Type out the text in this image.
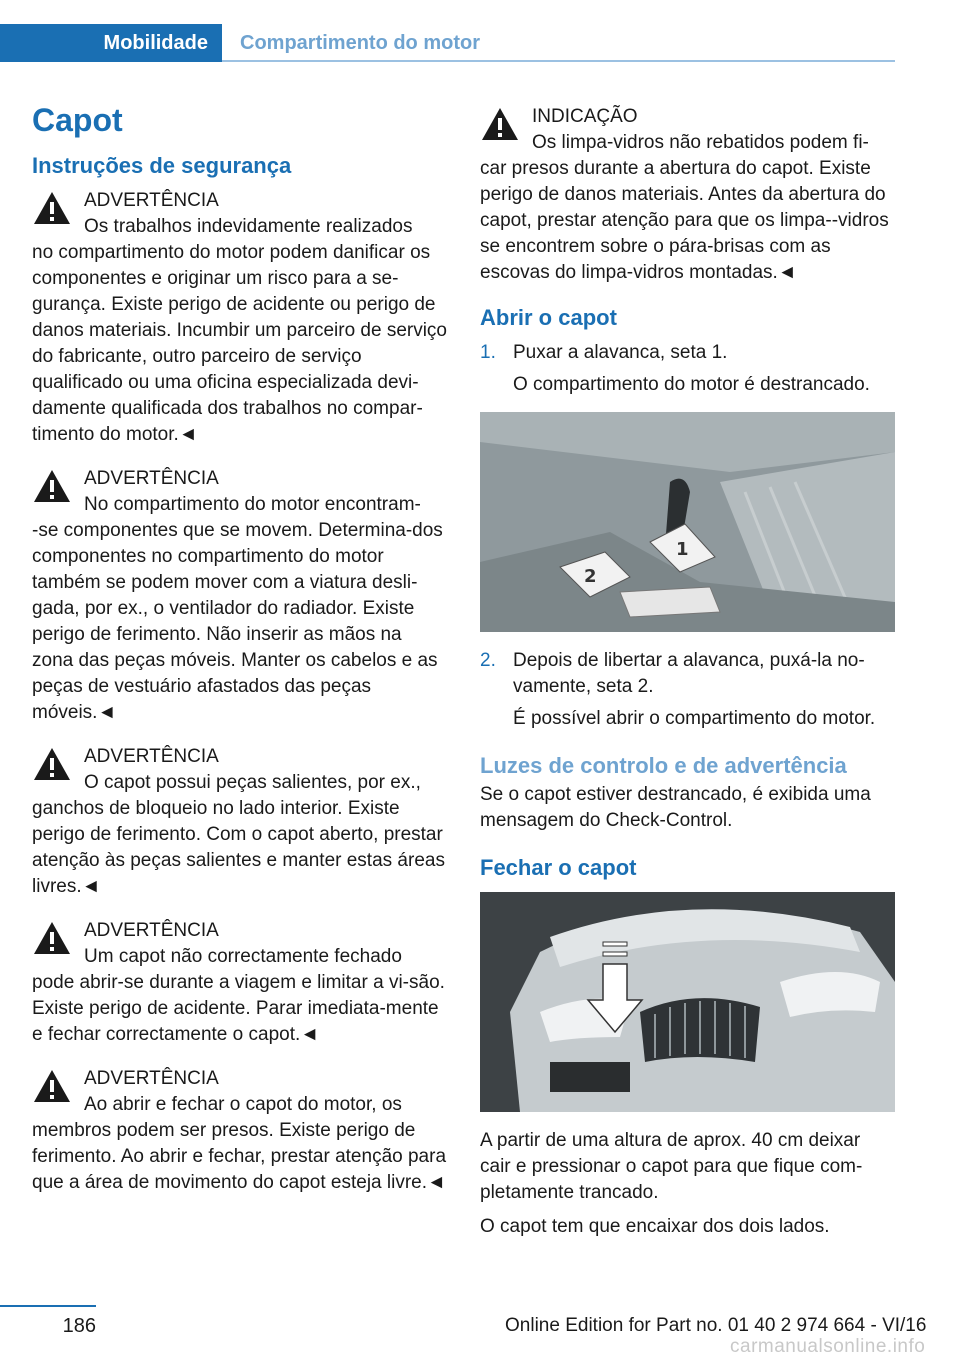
Mobilidade	Compartimento do motor
Capot
Instruções de segurança
ADVERTÊNCIA
Os trabalhos indevidamente realizados
no compartimento do motor podem danificar os componentes e originar um risco para a se-gurança. Existe perigo de acidente ou perigo de danos materiais. Incumbir um parceiro de serviço do fabricante, outro parceiro de serviço qualificado ou uma oficina especializada devi-damente qualificada dos trabalhos no compar-timento do motor.◄
ADVERTÊNCIA
No compartimento do motor encontram-
-se componentes que se movem. Determina-dos componentes no compartimento do motor também se podem mover com a viatura desli-gada, por ex., o ventilador do radiador. Existe perigo de ferimento. Não inserir as mãos na zona das peças móveis. Manter os cabelos e as peças de vestuário afastados das peças móveis.◄
ADVERTÊNCIA
O capot possui peças salientes, por ex.,
ganchos de bloqueio no lado interior. Existe perigo de ferimento. Com o capot aberto, prestar atenção às peças salientes e manter estas áreas livres.◄
ADVERTÊNCIA
Um capot não correctamente fechado
pode abrir-se durante a viagem e limitar a vi-são. Existe perigo de acidente. Parar imediata-mente e fechar correctamente o capot.◄
ADVERTÊNCIA
Ao abrir e fechar o capot do motor, os
membros podem ser presos. Existe perigo de ferimento. Ao abrir e fechar, prestar atenção para que a área de movimento do capot esteja livre.◄
INDICAÇÃO
Os limpa-vidros não rebatidos podem fi-
car presos durante a abertura do capot. Existe perigo de danos materiais. Antes da abertura do capot, prestar atenção para que os limpa--vidros se encontrem sobre o pára-brisas com as escovas do limpa-vidros montadas.◄
Abrir o capot
1. Puxar a alavanca, seta 1.
O compartimento do motor é destrancado.
2
1
2. Depois de libertar a alavanca, puxá-la no-vamente, seta 2.
É possível abrir o compartimento do motor.
Luzes de controlo e de advertência

Se o capot estiver destrancado, é exibida uma mensagem do Check-Control.

Fechar o capot

A partir de uma altura de aprox. 40 cm deixar cair e pressionar o capot para que fique com-pletamente trancado.

O capot tem que encaixar dos dois lados.

186	Online Edition for Part no. 01 40 2 974 664 - VI/16
carmanualsonline.info
